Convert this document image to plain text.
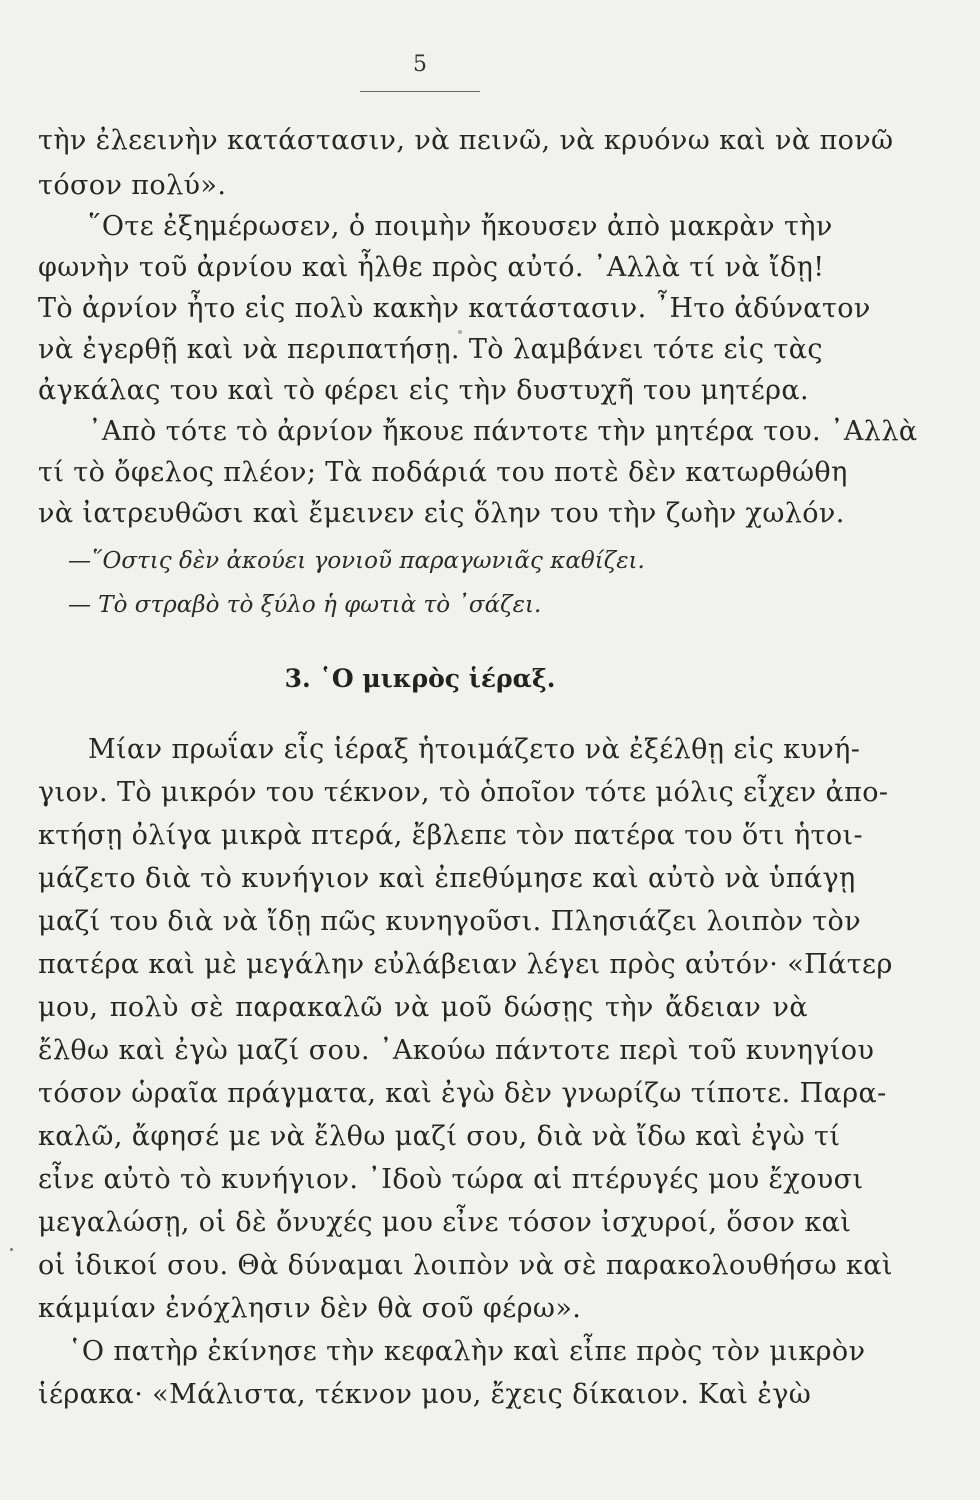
5
τὴν ἐλεεινὴν κατάστασιν, νὰ πεινῶ, νὰ κρυόνω καὶ νὰ πονῶ
τόσον πολύ».
῞Οτε ἐξημέρωσεν, ὁ ποιμὴν ἤκουσεν ἀπὸ μακρὰν τὴν
φωνὴν τοῦ ἀρνίου καὶ ἦλθε πρὸς αὐτό. ᾿Αλλὰ τί νὰ ἴδῃ!
Τὸ ἀρνίον ἦτο εἰς πολὺ κακὴν κατάστασιν. ῏Ητο ἀδύνατον
νὰ ἐγερθῇ καὶ νὰ περιπατήσῃ. Τὸ λαμβάνει τότε εἰς τὰς
ἀγκάλας του καὶ τὸ φέρει εἰς τὴν δυστυχῆ του μητέρα.
᾿Απὸ τότε τὸ ἀρνίον ἤκουε πάντοτε τὴν μητέρα του. ᾿Αλλὰ
τί τὸ ὄφελος πλέον; Τὰ ποδάριά του ποτὲ δὲν κατωρθώθη
νὰ ἰατρευθῶσι καὶ ἔμεινεν εἰς ὅλην του τὴν ζωὴν χωλόν.
—῞Οστις δὲν ἀκούει γονιοῦ παραγωνιᾶς καθίζει.
— Τὸ στραβὸ τὸ ξύλο ἡ φωτιὰ τὸ ᾿σάζει.
3. ῾Ο μικρὸς ἱέραξ.
Μίαν πρωΐαν εἷς ἱέραξ ἡτοιμάζετο νὰ ἐξέλθῃ εἰς κυνή-
γιον. Τὸ μικρόν του τέκνον, τὸ ὁποῖον τότε μόλις εἶχεν ἀπο-
κτήσῃ ὀλίγα μικρὰ πτερά, ἔβλεπε τὸν πατέρα του ὅτι ἡτοι-
μάζετο διὰ τὸ κυνήγιον καὶ ἐπεθύμησε καὶ αὐτὸ νὰ ὑπάγῃ
μαζί του διὰ νὰ ἴδῃ πῶς κυνηγοῦσι. Πλησιάζει λοιπὸν τὸν
πατέρα καὶ μὲ μεγάλην εὐλάβειαν λέγει πρὸς αὐτόν· «Πάτερ
μου, πολὺ σὲ παρακαλῶ νὰ μοῦ δώσῃς τὴν ἄδειαν νὰ
ἔλθω καὶ ἐγὼ μαζί σου. ᾿Ακούω πάντοτε περὶ τοῦ κυνηγίου
τόσον ὡραῖα πράγματα, καὶ ἐγὼ δὲν γνωρίζω τίποτε. Παρα-
καλῶ, ἄφησέ με νὰ ἔλθω μαζί σου, διὰ νὰ ἴδω καὶ ἐγὼ τί
εἶνε αὐτὸ τὸ κυνήγιον. ᾿Ιδοὺ τώρα αἱ πτέρυγές μου ἔχουσι
μεγαλώσῃ, οἱ δὲ ὄνυχές μου εἶνε τόσον ἰσχυροί, ὅσον καὶ
οἱ ἰδικοί σου. Θὰ δύναμαι λοιπὸν νὰ σὲ παρακολουθήσω καὶ
κάμμίαν ἐνόχλησιν δὲν θὰ σοῦ φέρω».
῾Ο πατὴρ ἐκίνησε τὴν κεφαλὴν καὶ εἶπε πρὸς τὸν μικρὸν
ἱέρακα· «Μάλιστα, τέκνον μου, ἔχεις δίκαιον. Καὶ ἐγὼ
